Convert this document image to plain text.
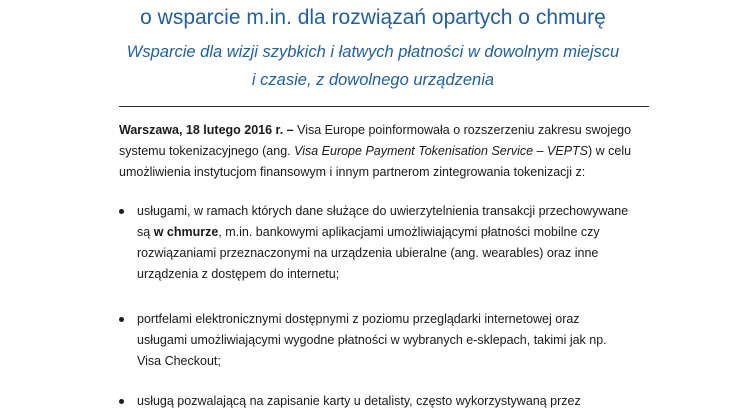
o wsparcie m.in. dla rozwiązań opartych o chmurę
Wsparcie dla wizji szybkich i łatwych płatności w dowolnym miejscu
i czasie, z dowolnego urządzenia
Warszawa, 18 lutego 2016 r. – Visa Europe poinformowała o rozszerzeniu zakresu swojego
systemu tokenizacyjnego (ang. Visa Europe Payment Tokenisation Service – VEPTS) w celu
umożliwienia instytucjom finansowym i innym partnerom zintegrowania tokenizacji z:
usługami, w ramach których dane służące do uwierzytelnienia transakcji przechowywane
są w chmurze, m.in. bankowymi aplikacjami umożliwiającymi płatności mobilne czy
rozwiązaniami przeznaczonymi na urządzenia ubieralne (ang. wearables) oraz inne
urządzenia z dostępem do internetu;
portfelami elektronicznymi dostępnymi z poziomu przeglądarki internetowej oraz
usługami umożliwiającymi wygodne płatności w wybranych e-sklepach, takimi jak np.
Visa Checkout;
usługą pozwalającą na zapisanie karty u detalisty, często wykorzystywaną przez
